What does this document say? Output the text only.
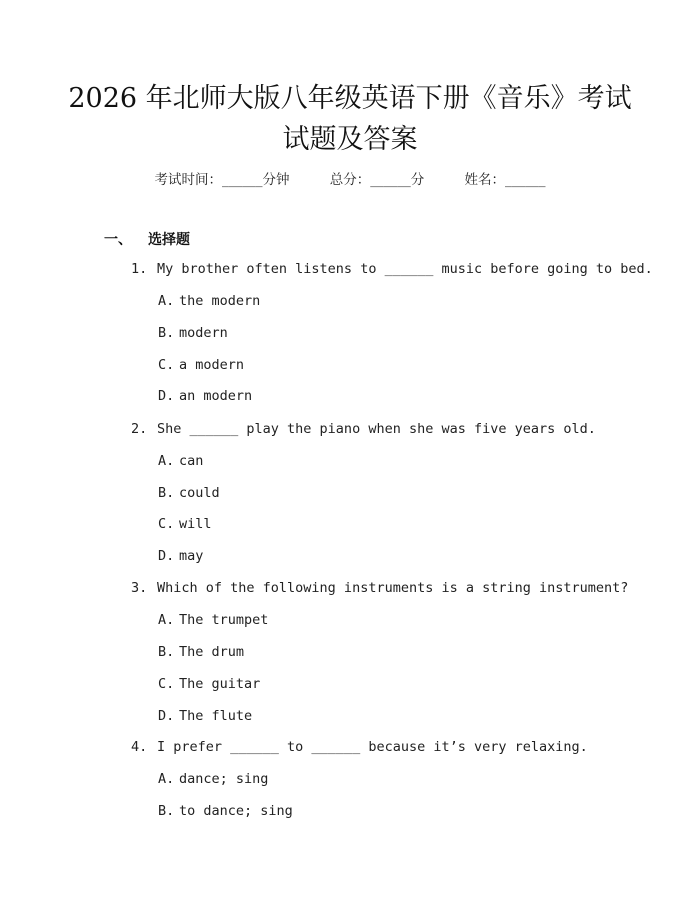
2026 年北师大版八年级英语下册《音乐》考试试题及答案
考试时间：______分钟	总分：______分	姓名：______
一、 选择题
1. My brother often listens to ______ music before going to bed.
A. the modern
B. modern
C. a modern
D. an modern
2. She ______ play the piano when she was five years old.
A. can
B. could
C. will
D. may
3. Which of the following instruments is a string instrument?
A. The trumpet
B. The drum
C. The guitar
D. The flute
4. I prefer ______ to ______ because it’s very relaxing.
A. dance; sing
B. to dance; sing
